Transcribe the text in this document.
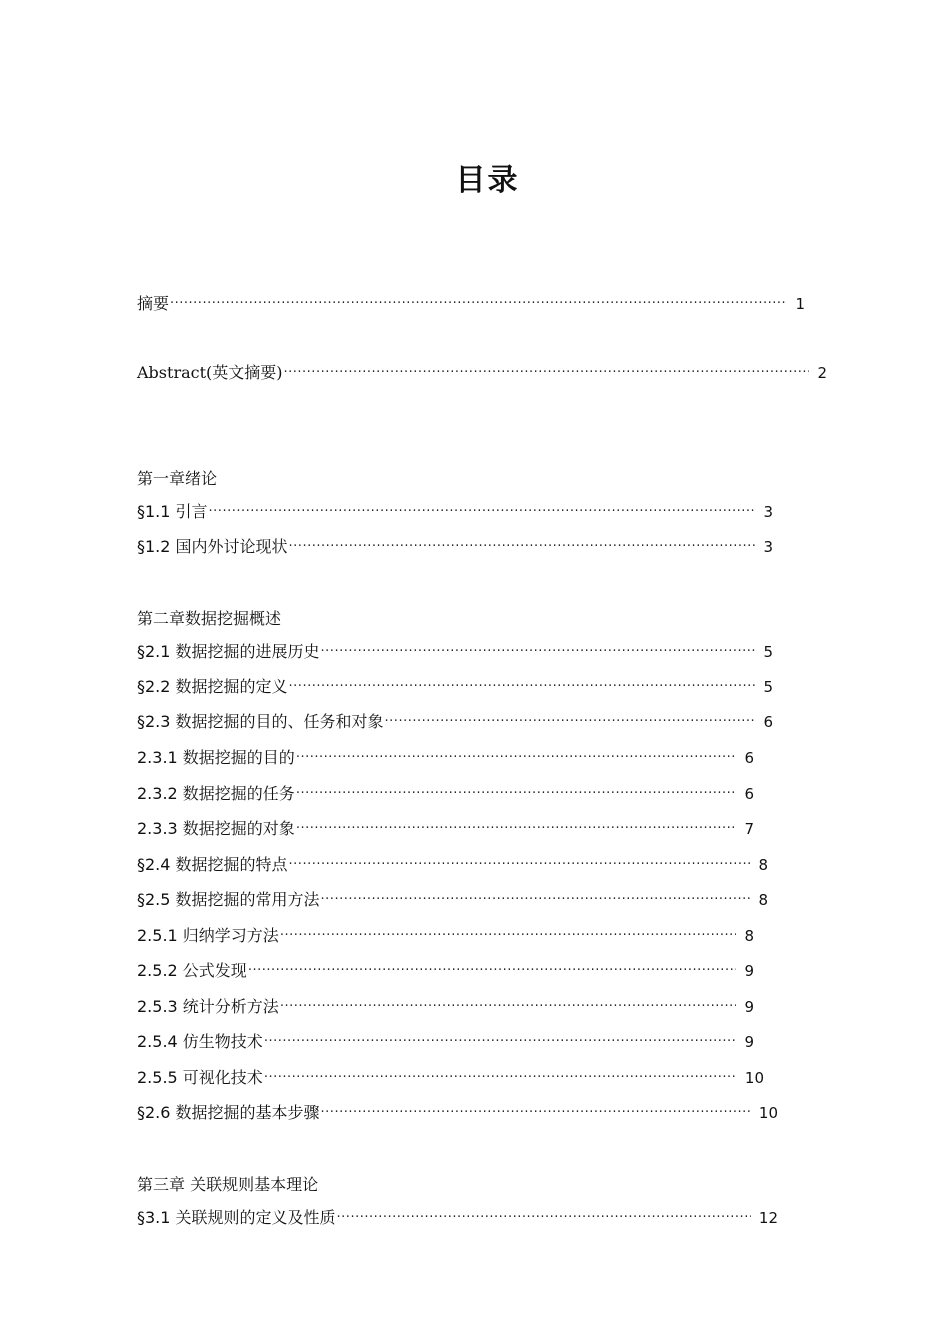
目录
摘要 ·····	1
Abstract(英文摘要) ·····	2
第一章绪论
§1.1 引言 ·····	3
§1.2 国内外讨论现状 ·····	3
第二章数据挖掘概述
§2.1 数据挖掘的进展历史 ·····	5
§2.2 数据挖掘的定义 ·····	5
§2.3 数据挖掘的目的、任务和对象 ·····	6
2.3.1 数据挖掘的目的 ·····	6
2.3.2 数据挖掘的任务 ·····	6
2.3.3 数据挖掘的对象 ·····	7
§2.4 数据挖掘的特点 ·····	8
§2.5 数据挖掘的常用方法 ·····	8
2.5.1 归纳学习方法 ·····	8
2.5.2 公式发现 ·····	9
2.5.3 统计分析方法 ·····	9
2.5.4 仿生物技术 ·····	9
2.5.5 可视化技术 ·····	10
§2.6 数据挖掘的基本步骤 ·····	10
第三章 关联规则基本理论
§3.1 关联规则的定义及性质 ·····	12
